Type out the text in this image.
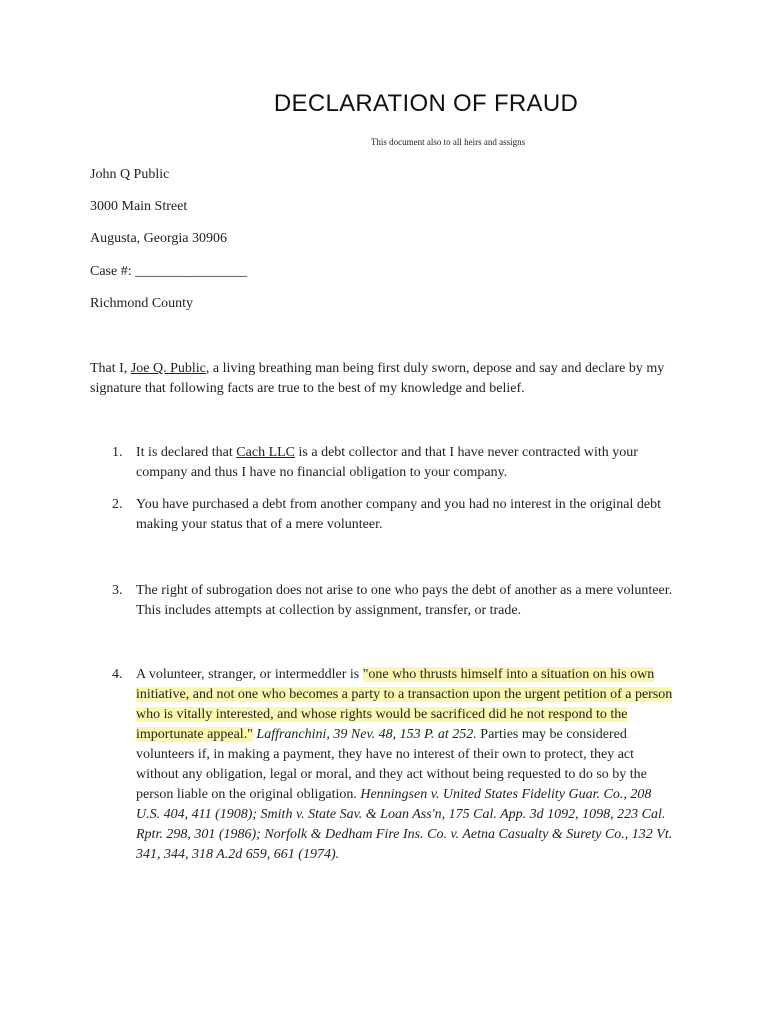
DECLARATION OF FRAUD
This document also to all heirs and assigns
John Q Public
3000 Main Street
Augusta, Georgia 30906
Case #: ________________
Richmond County
That I, Joe Q. Public, a living breathing man being first duly sworn, depose and say and declare by my signature that following facts are true to the best of my knowledge and belief.
1. It is declared that Cach LLC is a debt collector and that I have never contracted with your company and thus I have no financial obligation to your company.
2. You have purchased a debt from another company and you had no interest in the original debt making your status that of a mere volunteer.
3. The right of subrogation does not arise to one who pays the debt of another as a mere volunteer. This includes attempts at collection by assignment, transfer, or trade.
4. A volunteer, stranger, or intermeddler is "one who thrusts himself into a situation on his own initiative, and not one who becomes a party to a transaction upon the urgent petition of a person who is vitally interested, and whose rights would be sacrificed did he not respond to the importunate appeal." Laffranchini, 39 Nev. 48, 153 P. at 252. Parties may be considered volunteers if, in making a payment, they have no interest of their own to protect, they act without any obligation, legal or moral, and they act without being requested to do so by the person liable on the original obligation. Henningsen v. United States Fidelity Guar. Co., 208 U.S. 404, 411 (1908); Smith v. State Sav. & Loan Ass'n, 175 Cal. App. 3d 1092, 1098, 223 Cal. Rptr. 298, 301 (1986); Norfolk & Dedham Fire Ins. Co. v. Aetna Casualty & Surety Co., 132 Vt. 341, 344, 318 A.2d 659, 661 (1974).
